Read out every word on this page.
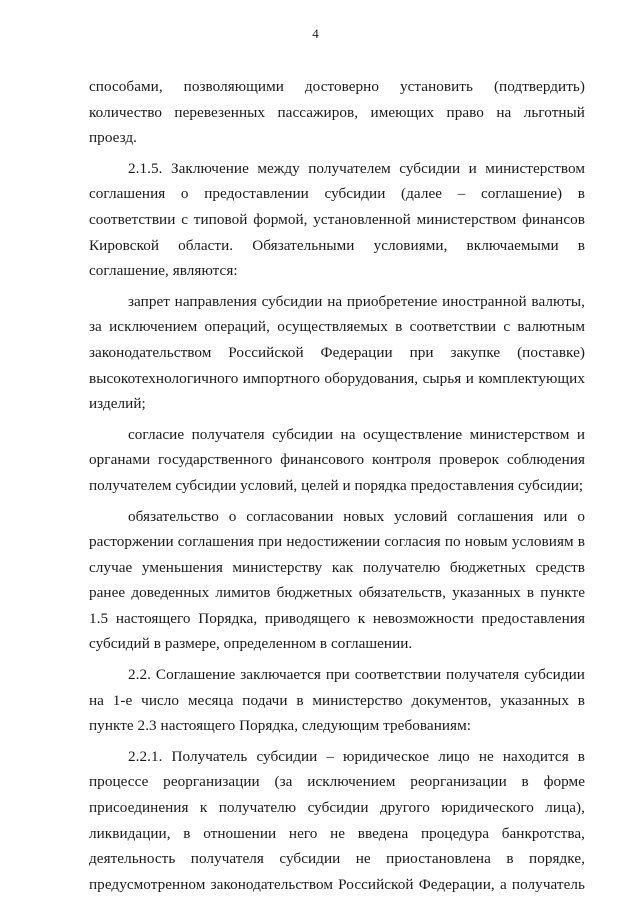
4

способами, позволяющими достоверно установить (подтвердить) количество перевезенных пассажиров, имеющих право на льготный проезд.

2.1.5. Заключение между получателем субсидии и министерством соглашения о предоставлении субсидии (далее – соглашение) в соответствии с типовой формой, установленной министерством финансов Кировской области. Обязательными условиями, включаемыми в соглашение, являются:

запрет направления субсидии на приобретение иностранной валюты, за исключением операций, осуществляемых в соответствии с валютным законодательством Российской Федерации при закупке (поставке) высокотехнологичного импортного оборудования, сырья и комплектующих изделий;

согласие получателя субсидии на осуществление министерством и органами государственного финансового контроля проверок соблюдения получателем субсидии условий, целей и порядка предоставления субсидии;

обязательство о согласовании новых условий соглашения или о расторжении соглашения при недостижении согласия по новым условиям в случае уменьшения министерству как получателю бюджетных средств ранее доведенных лимитов бюджетных обязательств, указанных в пункте 1.5 настоящего Порядка, приводящего к невозможности предоставления субсидий в размере, определенном в соглашении.

2.2. Соглашение заключается при соответствии получателя субсидии на 1-е число месяца подачи в министерство документов, указанных в пункте 2.3 настоящего Порядка, следующим требованиям:

2.2.1. Получатель субсидии – юридическое лицо не находится в процессе реорганизации (за исключением реорганизации в форме присоединения к получателю субсидии другого юридического лица), ликвидации, в отношении него не введена процедура банкротства, деятельность получателя субсидии не приостановлена в порядке, предусмотренном законодательством Российской Федерации, а получатель
